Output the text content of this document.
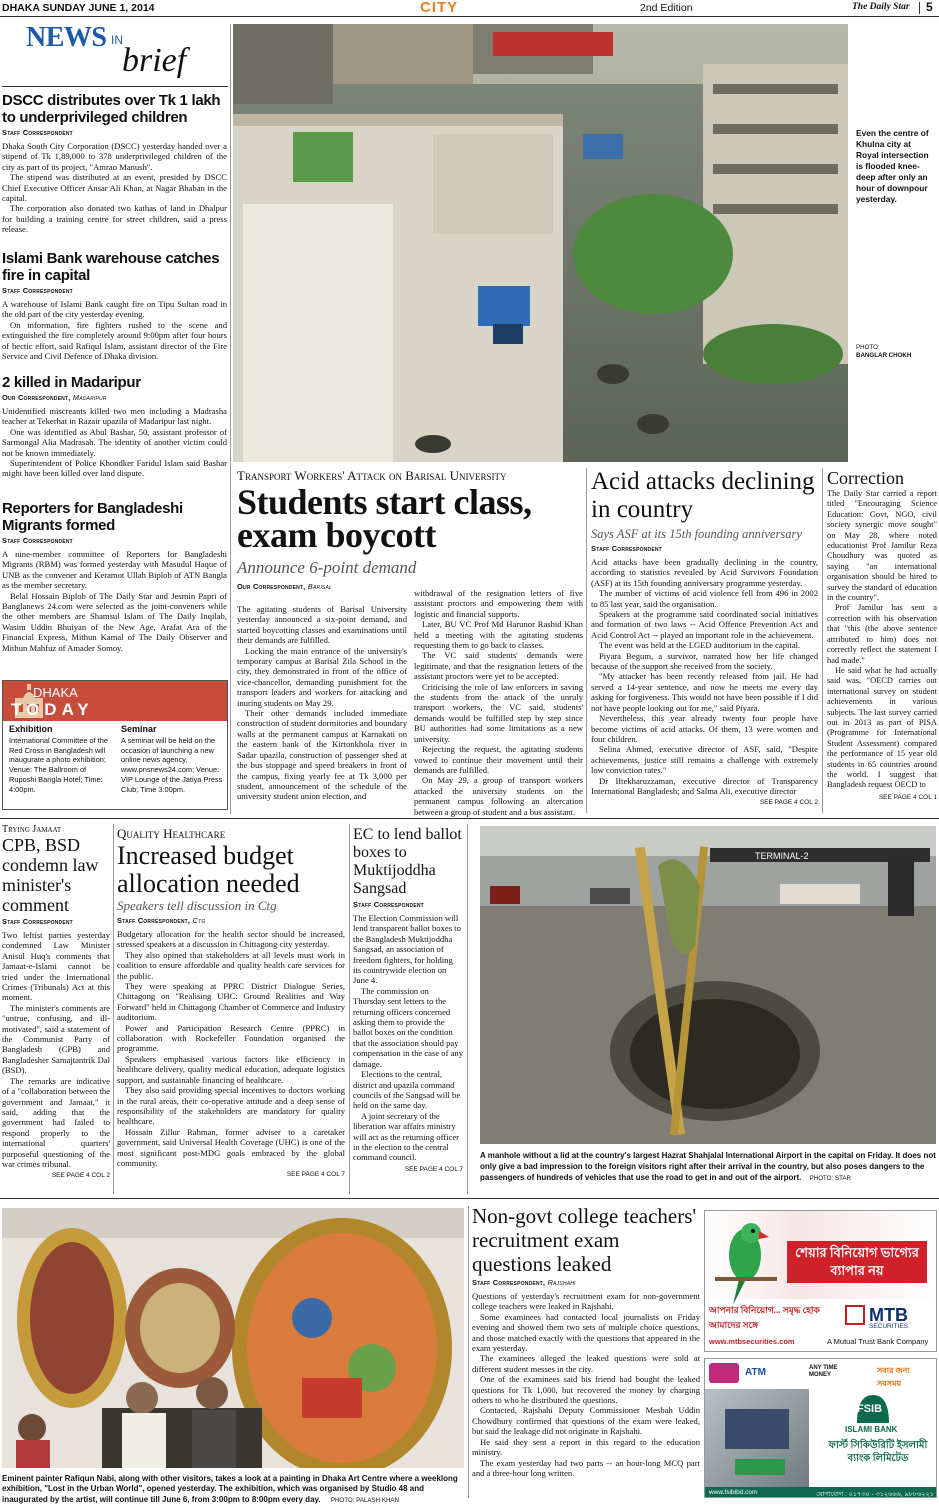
DHAKA SUNDAY JUNE 1, 2014	CITY	2nd Edition	The Daily Star 5
NEWS IN
brief
DSCC distributes over Tk 1 lakh to underprivileged children
Staff Correspondent

Dhaka South City Corporation (DSCC) yesterday handed over a stipend of Tk 1,89,000 to 378 underprivileged children of the city as part of its project, "Amrao Manush".

The stipend was distributed at an event, presided by DSCC Chief Executive Officer Ansar Ali Khan, at Nagar Bhaban in the capital.

The corporation also donated two kathas of land in Dhalpur for building a training centre for street children, said a press release.

Islami Bank warehouse catches fire in capital
Staff Correspondent

A warehouse of Islami Bank caught fire on Tipu Sultan road in the old part of the city yesterday evening.

On information, fire fighters rushed to the scene and extinguished the fire completely around 9:00pm after four hours of hectic effort, said Rafiqul Islam, assistant director of the Fire Service and Civil Defence of Dhaka division.

2 killed in Madaripur
Our Correspondent, Madaripur

Unidentified miscreants killed two men including a Madrasha teacher at Tekerhat in Razair upazila of Madaripur last night.

One was identified as Abul Bashar, 50, assistant professor of Sarmongal Alia Madrasah. The identity of another victim could not be known immediately.

Superintendent of Police Khondker Faridul Islam said Bashar might have been killed over land dispute.

Reporters for Bangladeshi Migrants formed
Staff Correspondent

A nine-member committee of Reporters for Bangladeshi Migrants (RBM) was formed yesterday with Masudul Haque of UNB as the convener and Keramot Ullah Biplob of ATN Bangla as the member secretary.

Belal Hossain Biplob of The Daily Star and Jesmin Papri of Banglanews 24.com were selected as the joint-conveners while the other members are Shamsul Islam of The Daily Inqilab, Wasim Uddin Bhuiyan of the New Age, Arafat Ara of the Financial Express, Mithun Kamal of The Daily Observer and Mithun Mahfuz of Amader Somoy.

DHAKA
TODAY
Exhibition
International Committee of the Red Cross in Bangladesh will inaugurate a photo exhibition; Venue: The Ballroom of Ruposhi Bangla Hotel; Time: 4:00pm.
Seminar
A seminar will be held on the occasion of launching a new online news agency, www.pnsnews24.com; Venue: VIP Lounge of the Jatiya Press Club; Time 3:00pm.
Even the centre of Khulna city at Royal intersection is flooded knee-deep after only an hour of downpour yesterday.
PHOTO:
BANGLAR CHOKH
Transport Workers' Attack on Barisal University
Students start class, exam boycott
Announce 6-point demand
Our Correspondent, Barisal

The agitating students of Barisal University yesterday announced a six-point demand, and started boycotting classes and examinations until their demands are fulfilled.

Locking the main entrance of the university's temporary campus at Barisal Zila School in the city, they demonstrated in front of the office of vice-chancellor, demanding punishment for the transport leaders and workers for attacking and inuring students on May 29.

Their other demands included immediate construction of student dormitories and boundary walls at the permanent campus at Karnakati on the eastern bank of the Kirtonkhola river in Sadar upazila, construction of passenger shed at the bus stoppage and speed breakers in front of the campus, fixing yearly fee at Tk 3,000 per student, announcement of the schedule of the university student union election, and

withdrawal of the resignation letters of five assistant proctors and empowering them with logistic and financial supports.

Later, BU VC Prof Md Harunor Rashid Khan held a meeting with the agitating students requesting them to go back to classes.

The VC said students' demands were legitimate, and that the resignation letters of the assistant proctors were yet to be accepted.

Criticising the role of law enforcers in saving the students from the attack of the unruly transport workers, the VC said, students' demands would be fulfilled step by step since BU authorities had some limitations as a new university.

Rejecting the request, the agitating students vowed to continue their movement until their demands are fulfilled.

On May 29, a group of transport workers attacked the university students on the permanent campus following an altercation between a group of student and a bus assistant.

Acid attacks declining in country
Says ASF at its 15th founding anniversary
Staff Correspondent

Acid attacks have been gradually declining in the country, according to statistics revealed by Acid Survivors Foundation (ASF) at its 15th founding anniversary programme yesterday.

The number of victims of acid violence fell from 496 in 2002 to 85 last year, said the organisation.

Speakers at the programme said coordinated social initiatives and formation of two laws -- Acid Offence Prevention Act and Acid Control Act -- played an important role in the achievement.

The event was held at the LGED auditorium in the capital.

Piyara Begum, a survivor, narrated how her life changed because of the support she received from the society.

"My attacker has been recently released from jail. He had served a 14-year sentence, and now he meets me every day asking for forgiveness. This would not have been possible if I did not have people looking out for me," said Piyara.

Nevertheless, this year already twenty four people have become victims of acid attacks. Of them, 13 were women and four children.

Selina Ahmed, executive director of ASF, said, "Despite achievements, justice still remains a challenge with extremely low conviction rates."

Dr Iftekharuzzaman, executive director of Transparency International Bangladesh; and Salma Ali, executive director

SEE PAGE 4 COL 2
Correction

The Daily Star carried a report titled "Encouraging Science Education: Govt, NGO, civil society synergic move sought" on May 28, where noted educationist Prof Jamilur Reza Choudhury was quoted as saying "an international organisation should be hired to survey the standard of education in the country".

Prof Jamilur has sent a correction with his observation that "this (the above sentence attributed to him) does not correctly reflect the statement I had made."

He said what he had actually said was, "OECD carries out international survey on student achievements in various subjects. The last survey carried out in 2013 as part of PISA (Programme for International Student Assessment) compared the performance of 15 year old students in 65 countries around the world. I suggest that Bangladesh request OECD to

SEE PAGE 4 COL 1
Trying Jamaat
CPB, BSD condemn law minister's comment
Staff Correspondent

Two leftist parties yesterday condemned Law Minister Anisul Huq's comments that Jamaat-e-Islami cannot be tried under the International Crimes (Tribunals) Act at this moment.

The minister's comments are "untrue, confusing, and ill-motivated", said a statement of the Communist Party of Bangladesh (CPB) and Bangladesher Samajtantrik Dal (BSD).

The remarks are indicative of a "collaboration between the government and Jamaat," it said, adding that the government had failed to respond properly to the international quarters' purposeful questioning of the war crimes tribunal.

SEE PAGE 4 COL 2
Quality Healthcare
Increased budget allocation needed
Speakers tell discussion in Ctg
Staff Correspondent, Ctg

Budgetary allocation for the health sector should be increased, stressed speakers at a discussion in Chittagong city yesterday.

They also opined that stakeholders at all levels must work in coalition to ensure affordable and quality health care services for the public.

They were speaking at PPRC District Dialogue Series, Chittagong on "Realising UHC: Ground Realities and Way Forward" held in Chittagong Chamber of Commerce and Industry auditorium.

Power and Participation Research Centre (PPRC) in collaboration with Rockefeller Foundation organised the programme.

Speakers emphasised various factors like efficiency in healthcare delivery, quality medical education, adequate logistics support, and sustainable financing of healthcare.

They also said providing special incentives to doctors working in the rural areas, their co-operative attitude and a deep sense of responsibility of the stakeholders are mandatory for quality healthcare.

Hossain Zillur Rahman, former adviser to a caretaker government, said Universal Health Coverage (UHC) is one of the most significant post-MDG goals embraced by the global community.

SEE PAGE 4 COL 7
EC to lend ballot boxes to Muktijoddha Sangsad
Staff Correspondent

The Election Commission will lend transparent ballot boxes to the Bangladesh Muktijoddha Sangsad, an association of freedom fighters, for holding its countrywide election on June 4.

The commission on Thursday sent letters to the returning officers concerned asking them to provide the ballot boxes on the condition that the association should pay compensation in the case of any damage.

Elections to the central, district and upazila command councils of the Sangsad will be held on the same day.

A joint secretary of the liberation war affairs ministry will act as the returning officer in the election to the central command council.

SEE PAGE 4 COL 7
TERMINAL-2
A manhole without a lid at the country's largest Hazrat Shahjalal International Airport in the capital on Friday. It does not only give a bad impression to the foreign visitors right after their arrival in the country, but also poses dangers to the passengers of hundreds of vehicles that use the road to get in and out of the airport. PHOTO: STAR
Eminent painter Rafiqun Nabi, along with other visitors, takes a look at a painting in Dhaka Art Centre where a weeklong exhibition, "Lost in the Urban World", opened yesterday. The exhibition, which was organised by Studio 48 and inaugurated by the artist, will continue till June 6, from 3:00pm to 8:00pm every day. PHOTO: PALASH KHAN
Non-govt college teachers' recruitment exam questions leaked
Staff Correspondent, Rajshahi

Questions of yesterday's recruitment exam for non-government college teachers were leaked in Rajshahi.

Some examinees had contacted local journalists on Friday evening and showed them two sets of multiple choice questions, and those matched exactly with the questions that appeared in the exam yesterday.

The examinees alleged the leaked questions were sold at different student messes in the city.

One of the examinees said his friend had bought the leaked questions for Tk 1,000, but recovered the money by charging others to who he distributed the questions.

Contacted, Rajshahi Deputy Commissioner Mesbah Uddin Chowdhury confirmed that questions of the exam were leaked, but said the leakage did not originate in Rajshahi.

He said they sent a report in this regard to the education ministry.

The exam yesterday had two parts -- an hour-long MCQ part and a three-hour long written.

শেয়ার বিনিয়োগ ভাগ্যের ব্যাপার নয়
আপনার বিনিয়োগ... সমৃদ্ধ হোক আমাদের সঙ্গে	MTB
SECURITIES
www.mtbsecurities.com	A Mutual Trust Bank Company
ATM	ANY TIME MONEY	সবার জন্য সবসময়
FSIB
ISLAMI BANK
ফার্স্ট সিকিউরিটি ইসলামী ব্যাংক লিমিটেড
www.fsiblbd.com	যোগাযোগ : ০১৭৩০ - ৩১২৬৬৬, ৯৮৮৬২২১
